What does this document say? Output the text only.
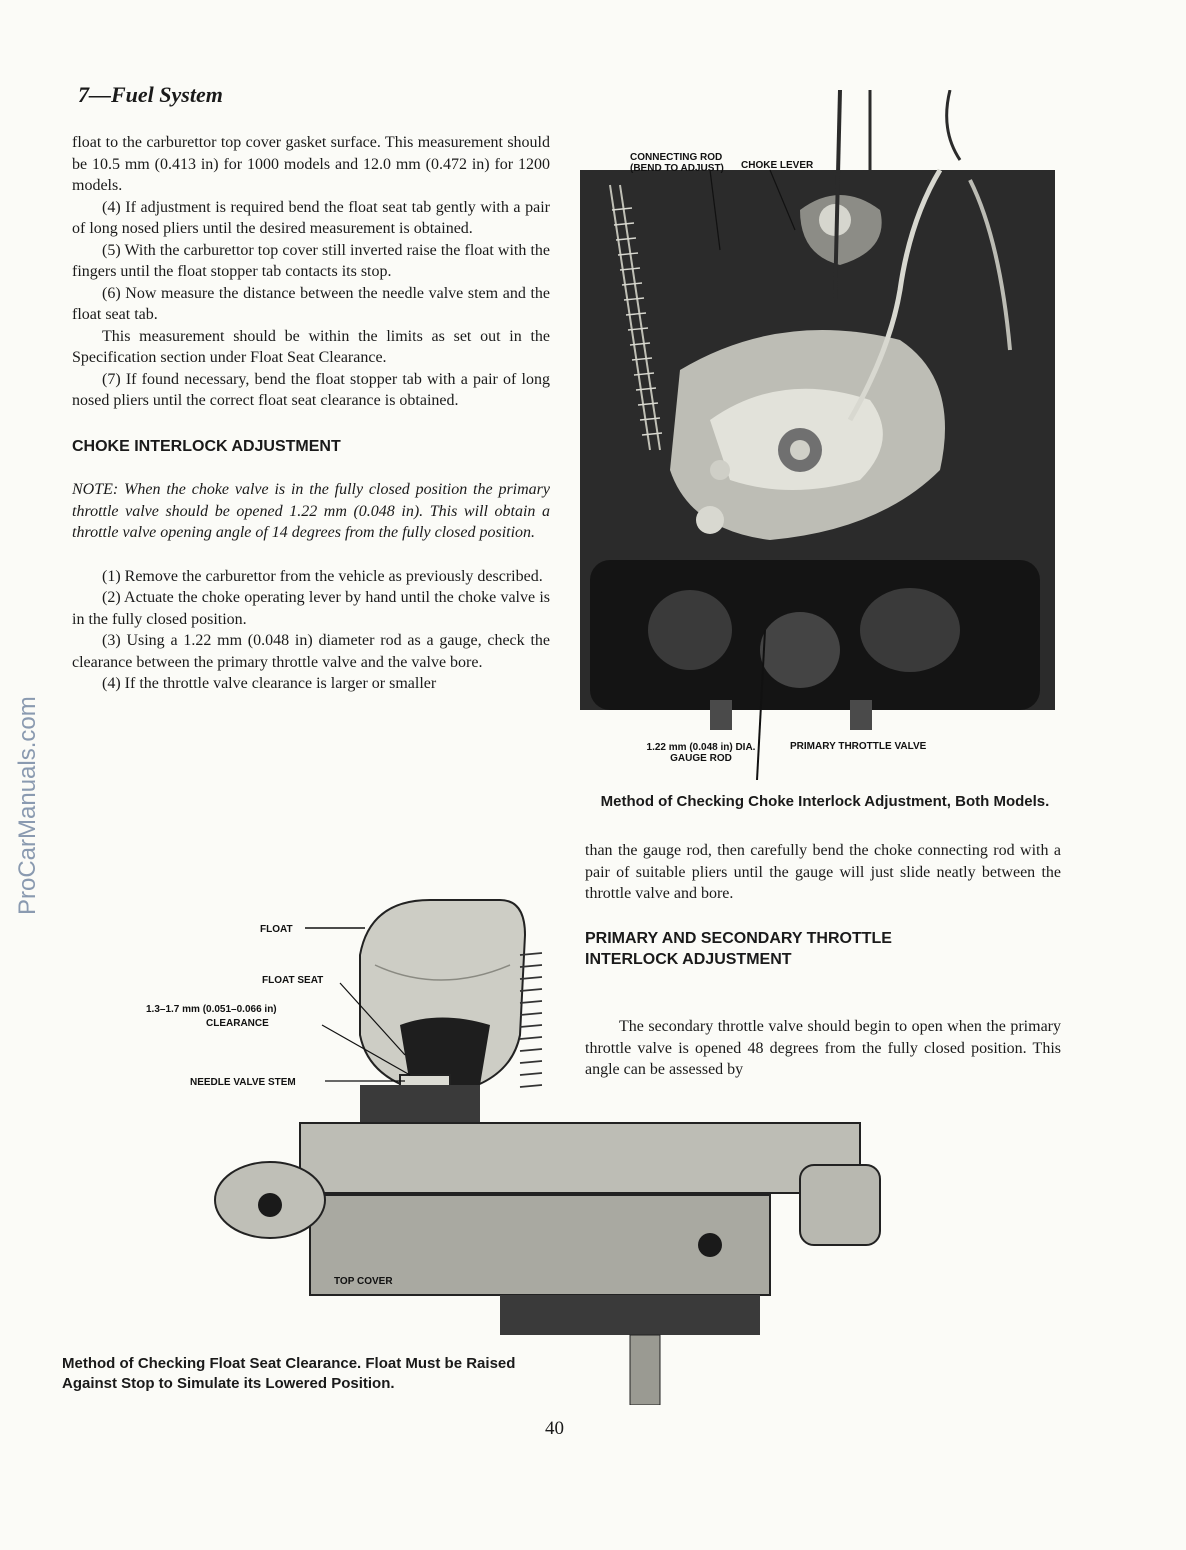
7—Fuel System
ProCarManuals.com

float to the carburettor top cover gasket surface. This measurement should be 10.5 mm (0.413 in) for 1000 models and 12.0 mm (0.472 in) for 1200 models.

(4) If adjustment is required bend the float seat tab gently with a pair of long nosed pliers until the desired measurement is obtained.

(5) With the carburettor top cover still inverted raise the float with the fingers until the float stopper tab contacts its stop.

(6) Now measure the distance between the needle valve stem and the float seat tab.

This measurement should be within the limits as set out in the Specification section under Float Seat Clearance.

(7) If found necessary, bend the float stopper tab with a pair of long nosed pliers until the correct float seat clearance is obtained.

CHOKE INTERLOCK ADJUSTMENT

NOTE: When the choke valve is in the fully closed position the primary throttle valve should be opened 1.22 mm (0.048 in). This will obtain a throttle valve opening angle of 14 degrees from the fully closed position.

(1) Remove the carburettor from the vehicle as previously described.

(2) Actuate the choke operating lever by hand until the choke valve is in the fully closed position.

(3) Using a 1.22 mm (0.048 in) diameter rod as a gauge, check the clearance between the primary throttle valve and the valve bore.

(4) If the throttle valve clearance is larger or smaller

CONNECTING ROD (BEND TO ADJUST)	CHOKE LEVER
1.22 mm (0.048 in) DIA. GAUGE ROD
PRIMARY THROTTLE VALVE
Method of Checking Choke Interlock Adjustment, Both Models.
than the gauge rod, then carefully bend the choke connecting rod with a pair of suitable pliers until the gauge will just slide neatly between the throttle valve and bore.
PRIMARY AND SECONDARY THROTTLE INTERLOCK ADJUSTMENT
The secondary throttle valve should begin to open when the primary throttle valve is opened 48 degrees from the fully closed position. This angle can be assessed by
FLOAT
FLOAT SEAT
1.3–1.7 mm (0.051–0.066 in)
CLEARANCE
NEEDLE VALVE STEM
TOP COVER
Method of Checking Float Seat Clearance. Float Must be Raised Against Stop to Simulate its Lowered Position.
40
